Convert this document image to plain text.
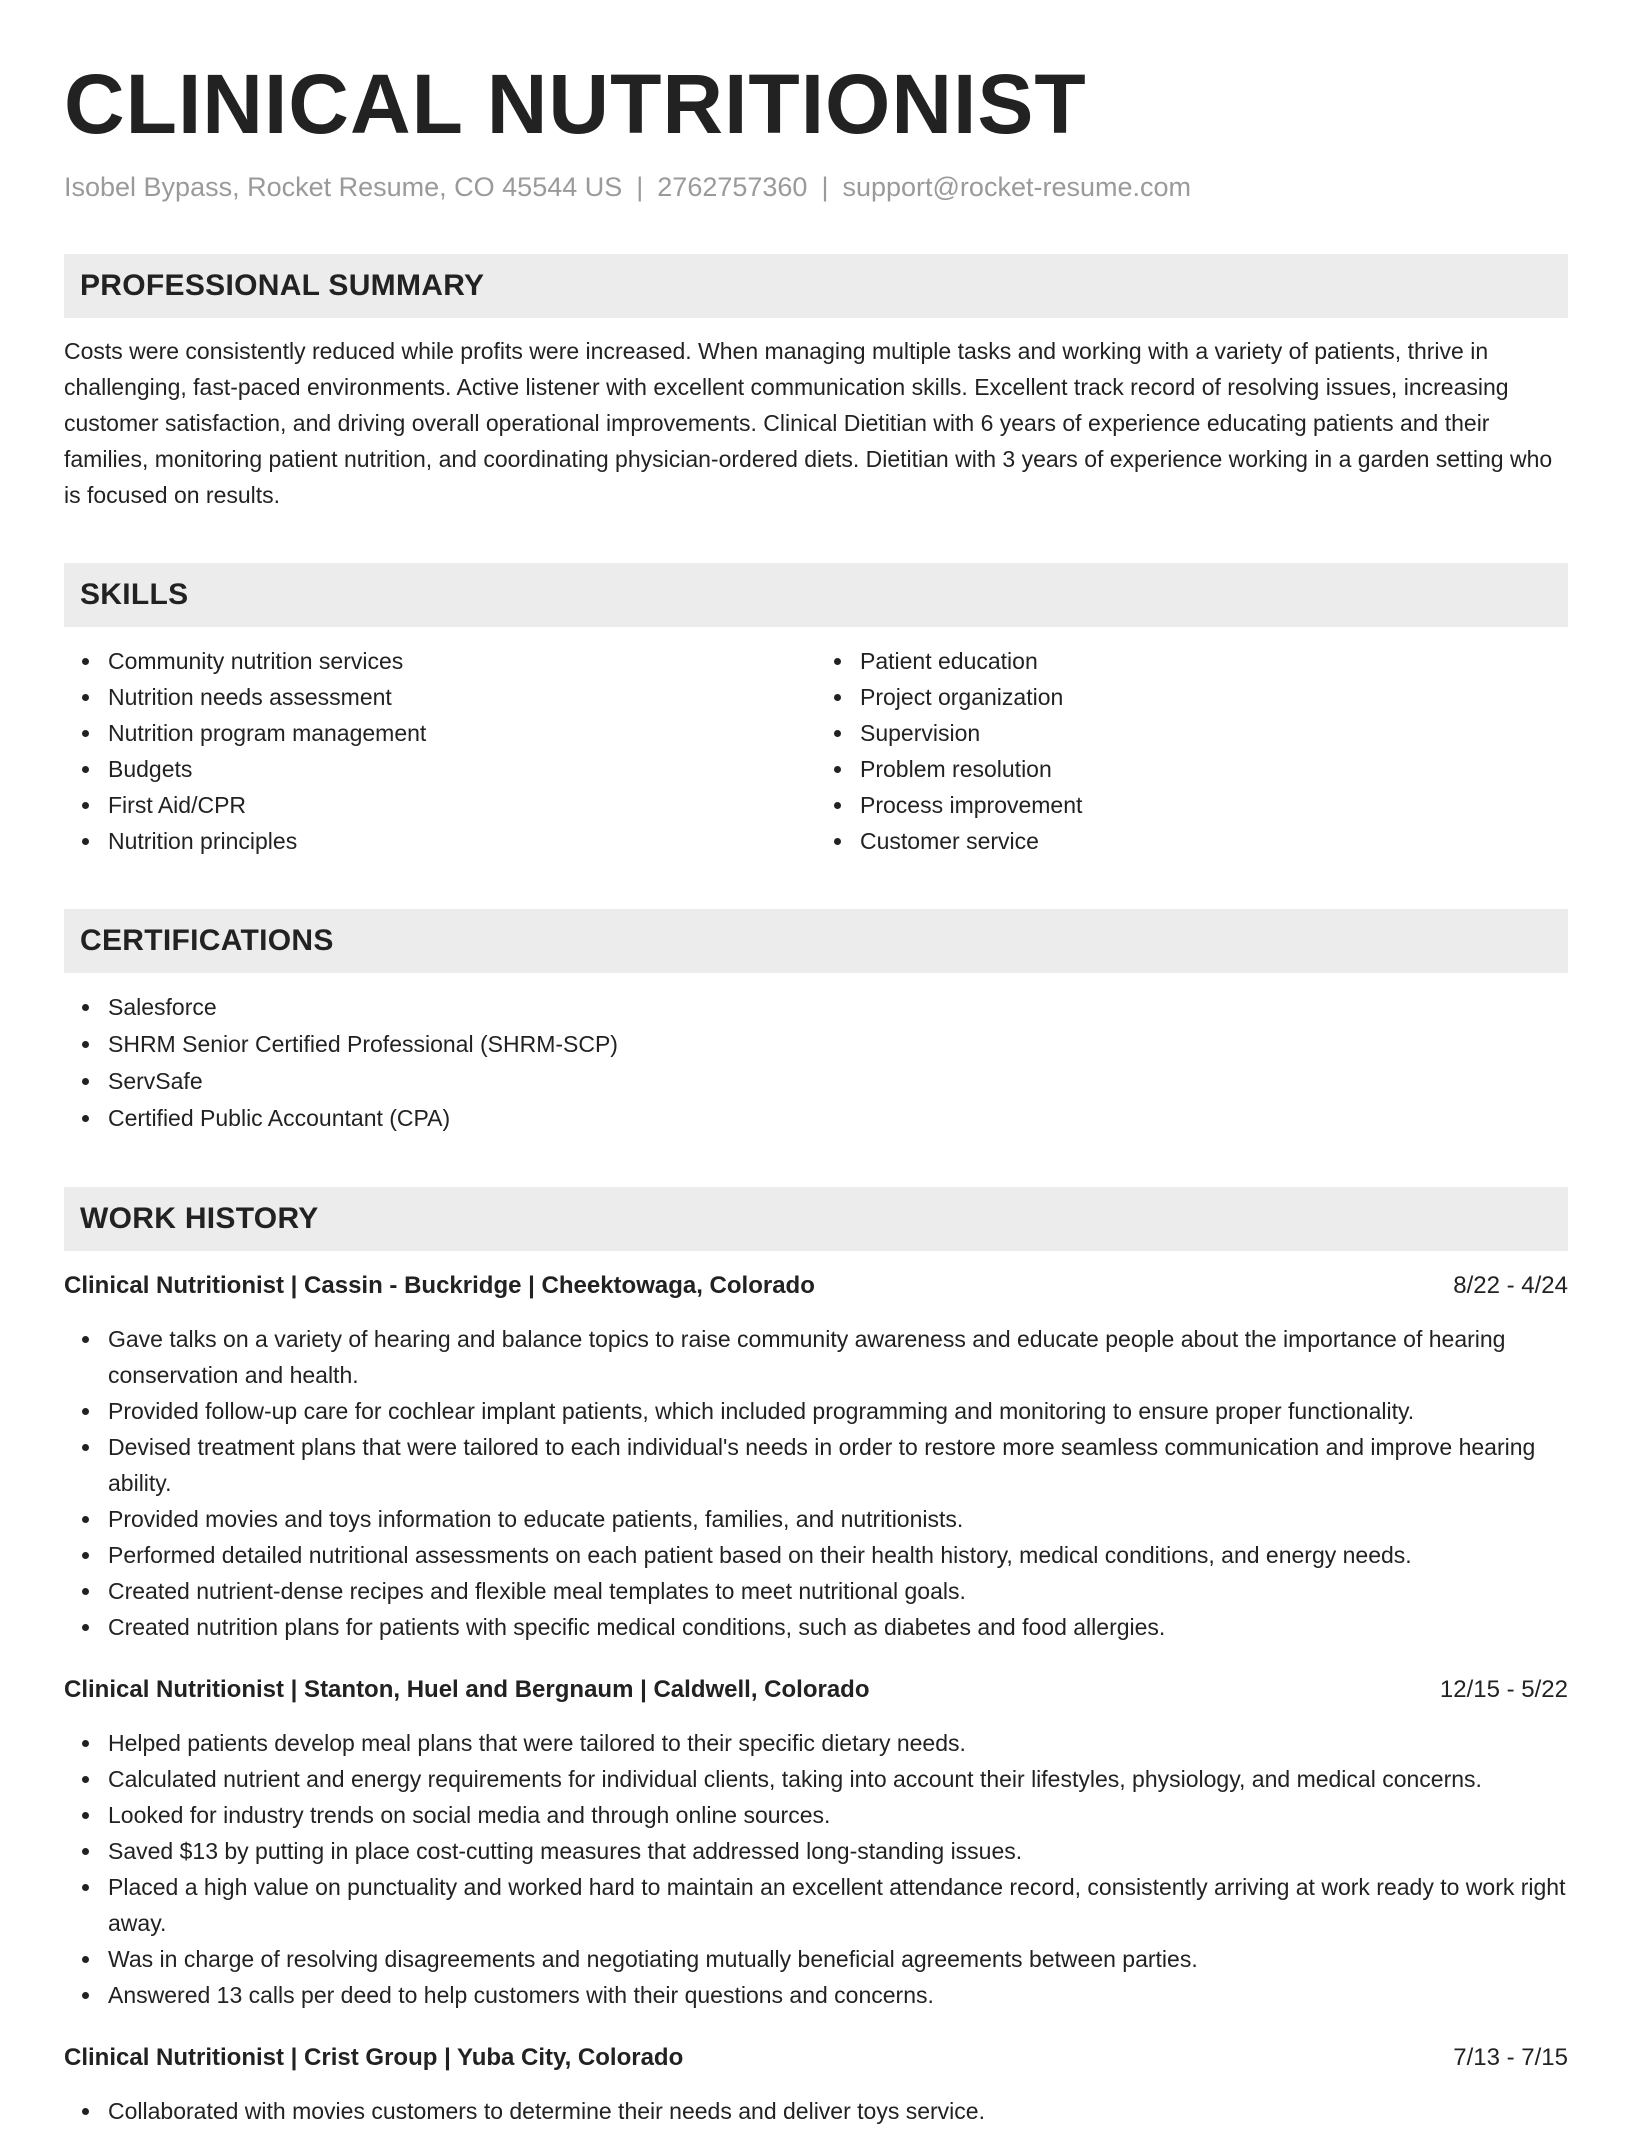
CLINICAL NUTRITIONIST
Isobel Bypass, Rocket Resume, CO 45544 US | 2762757360 | support@rocket-resume.com
PROFESSIONAL SUMMARY
Costs were consistently reduced while profits were increased. When managing multiple tasks and working with a variety of patients, thrive in challenging, fast-paced environments. Active listener with excellent communication skills. Excellent track record of resolving issues, increasing customer satisfaction, and driving overall operational improvements. Clinical Dietitian with 6 years of experience educating patients and their families, monitoring patient nutrition, and coordinating physician-ordered diets. Dietitian with 3 years of experience working in a garden setting who is focused on results.
SKILLS
Community nutrition services
Nutrition needs assessment
Nutrition program management
Budgets
First Aid/CPR
Nutrition principles
Patient education
Project organization
Supervision
Problem resolution
Process improvement
Customer service
CERTIFICATIONS
Salesforce
SHRM Senior Certified Professional (SHRM-SCP)
ServSafe
Certified Public Accountant (CPA)
WORK HISTORY
Clinical Nutritionist | Cassin - Buckridge | Cheektowaga, Colorado	8/22 - 4/24
Gave talks on a variety of hearing and balance topics to raise community awareness and educate people about the importance of hearing conservation and health.
Provided follow-up care for cochlear implant patients, which included programming and monitoring to ensure proper functionality.
Devised treatment plans that were tailored to each individual's needs in order to restore more seamless communication and improve hearing ability.
Provided movies and toys information to educate patients, families, and nutritionists.
Performed detailed nutritional assessments on each patient based on their health history, medical conditions, and energy needs.
Created nutrient-dense recipes and flexible meal templates to meet nutritional goals.
Created nutrition plans for patients with specific medical conditions, such as diabetes and food allergies.
Clinical Nutritionist | Stanton, Huel and Bergnaum | Caldwell, Colorado	12/15 - 5/22
Helped patients develop meal plans that were tailored to their specific dietary needs.
Calculated nutrient and energy requirements for individual clients, taking into account their lifestyles, physiology, and medical concerns.
Looked for industry trends on social media and through online sources.
Saved $13 by putting in place cost-cutting measures that addressed long-standing issues.
Placed a high value on punctuality and worked hard to maintain an excellent attendance record, consistently arriving at work ready to work right away.
Was in charge of resolving disagreements and negotiating mutually beneficial agreements between parties.
Answered 13 calls per deed to help customers with their questions and concerns.
Clinical Nutritionist | Crist Group | Yuba City, Colorado	7/13 - 7/15
Collaborated with movies customers to determine their needs and deliver toys service.
